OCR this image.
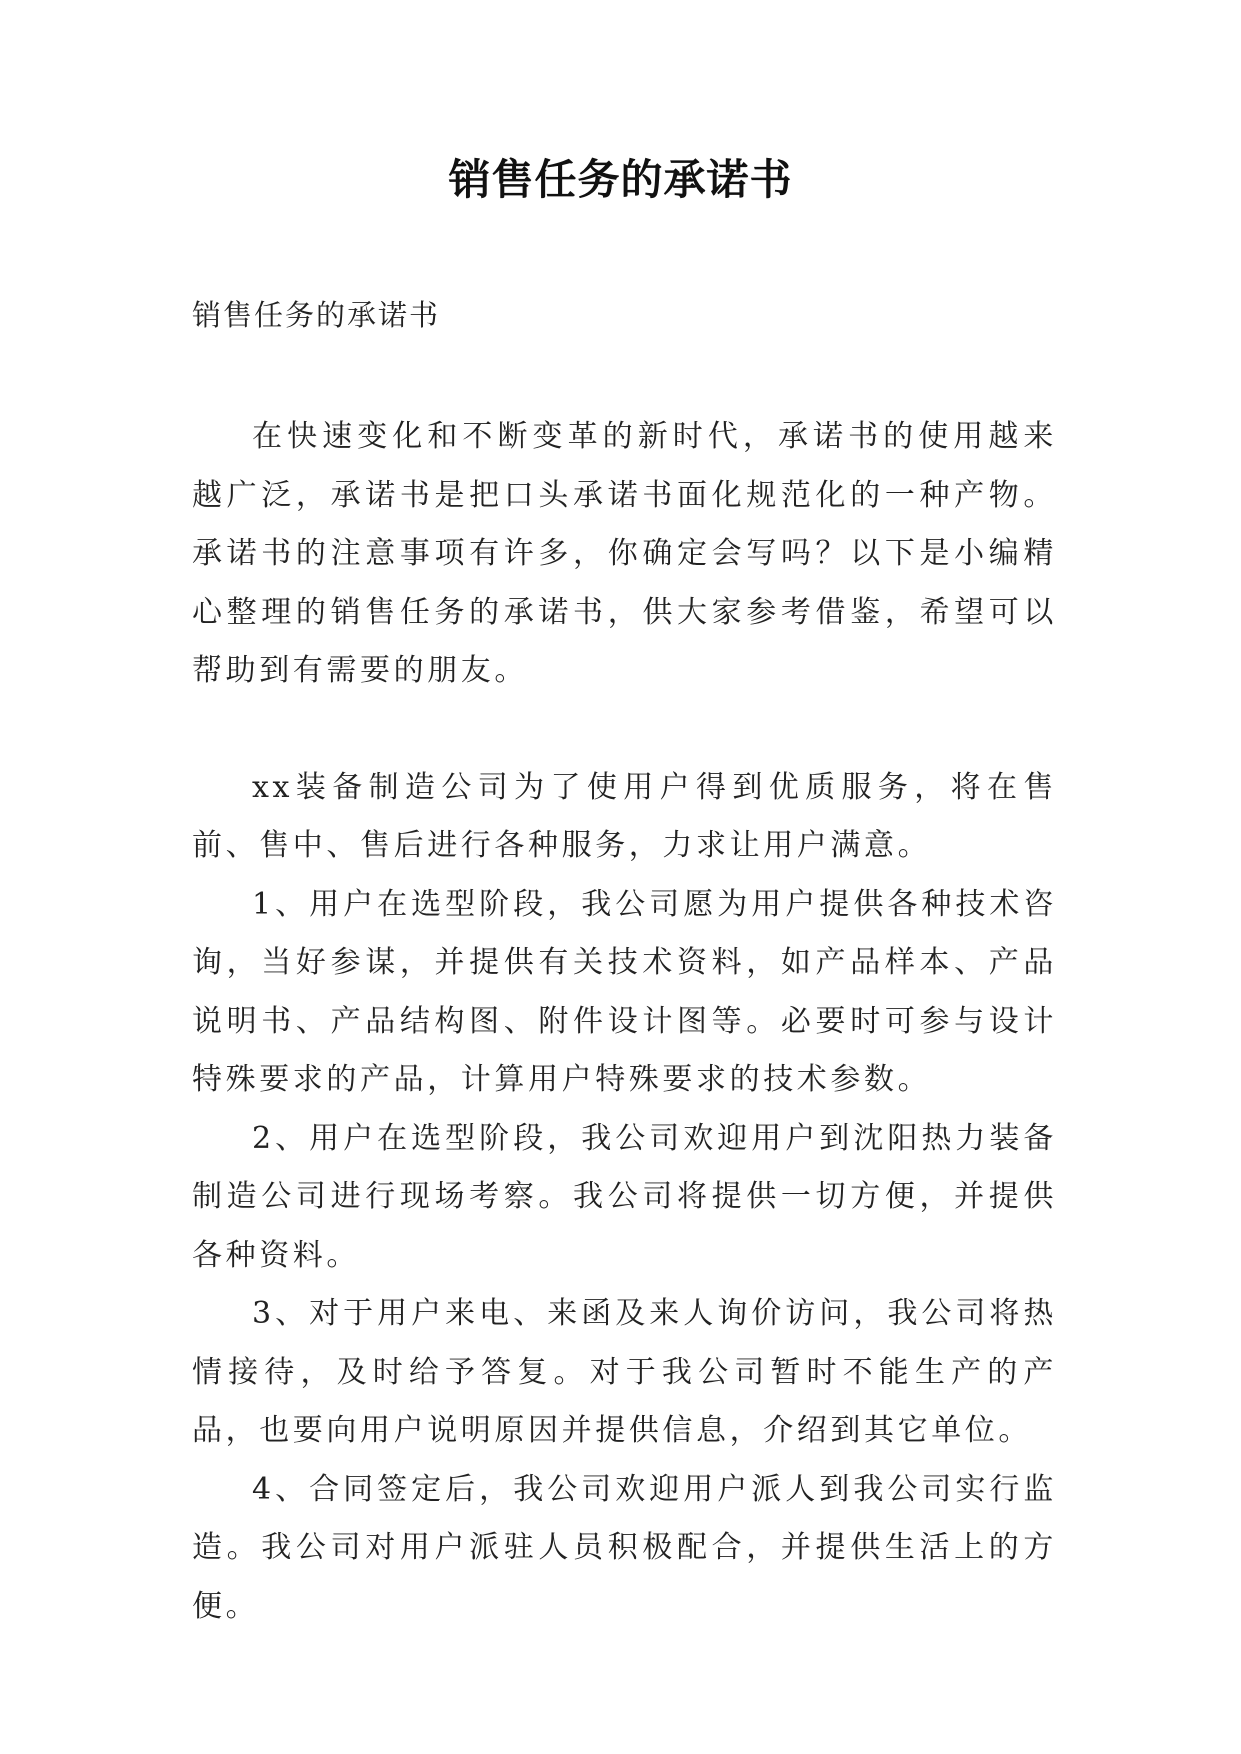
销售任务的承诺书

销售任务的承诺书

在快速变化和不断变革的新时代，承诺书的使用越来越广泛，承诺书是把口头承诺书面化规范化的一种产物。承诺书的注意事项有许多，你确定会写吗？以下是小编精心整理的销售任务的承诺书，供大家参考借鉴，希望可以帮助到有需要的朋友。

xx装备制造公司为了使用户得到优质服务，将在售前、售中、售后进行各种服务，力求让用户满意。

1、用户在选型阶段，我公司愿为用户提供各种技术咨询，当好参谋，并提供有关技术资料，如产品样本、产品说明书、产品结构图、附件设计图等。必要时可参与设计特殊要求的产品，计算用户特殊要求的技术参数。

2、用户在选型阶段，我公司欢迎用户到沈阳热力装备制造公司进行现场考察。我公司将提供一切方便，并提供各种资料。

3、对于用户来电、来函及来人询价访问，我公司将热情接待，及时给予答复。对于我公司暂时不能生产的产品，也要向用户说明原因并提供信息，介绍到其它单位。

4、合同签定后，我公司欢迎用户派人到我公司实行监造。我公司对用户派驻人员积极配合，并提供生活上的方便。
